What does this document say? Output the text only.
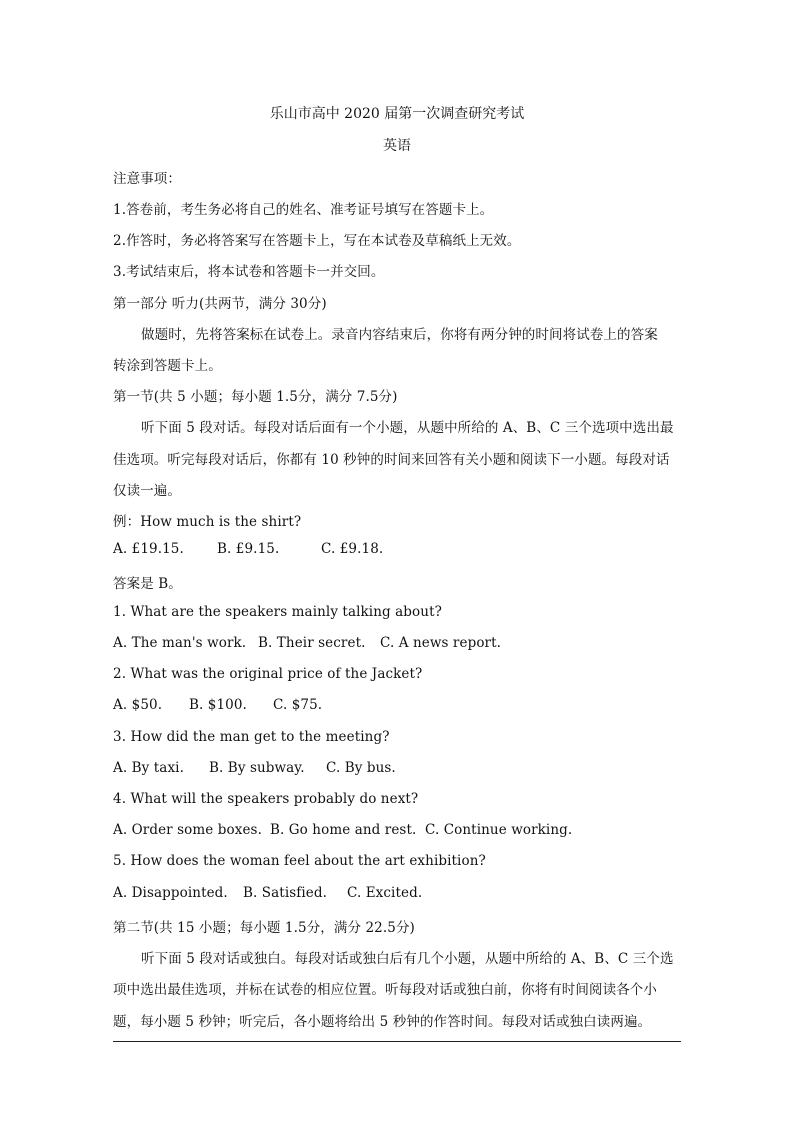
乐山市高中 2020 届第一次调查研究考试
英语
注意事项：
1.答卷前，考生务必将自己的姓名、准考证号填写在答题卡上。
2.作答时，务必将答案写在答题卡上，写在本试卷及草稿纸上无效。
3.考试结束后，将本试卷和答题卡一并交回。
第一部分 听力(共两节，满分 30分)
做题时，先将答案标在试卷上。录音内容结束后，你将有两分钟的时间将试卷上的答案
转涂到答题卡上。
第一节(共 5 小题；每小题 1.5分，满分 7.5分)
听下面 5 段对话。每段对话后面有一个小题，从题中所给的 A、B、C 三个选项中选出最
佳选项。听完每段对话后，你都有 10 秒钟的时间来回答有关小题和阅读下一小题。每段对话
仅读一遍。
例：How much is the shirt?
A. £19.15.	B. £9.15.	C. £9.18.
答案是 B。
1. What are the speakers mainly talking about?
A. The man's work. B. Their secret.	C. A news report.
2. What was the original price of the Jacket?
A. $50.	B. $100.	C. $75.
3. How did the man get to the meeting?
A. By taxi.	B. By subway.	C. By bus.
4. What will the speakers probably do next?
A. Order some boxes. B. Go home and rest. C. Continue working.
5. How does the woman feel about the art exhibition?
A. Disappointed.	B. Satisfied.	C. Excited.
第二节(共 15 小题；每小题 1.5分，满分 22.5分)
听下面 5 段对话或独白。每段对话或独白后有几个小题，从题中所给的 A、B、C 三个选
项中选出最佳选项，并标在试卷的相应位置。听每段对话或独白前，你将有时间阅读各个小
题，每小题 5 秒钟；听完后，各小题将给出 5 秒钟的作答时间。每段对话或独白读两遍。
